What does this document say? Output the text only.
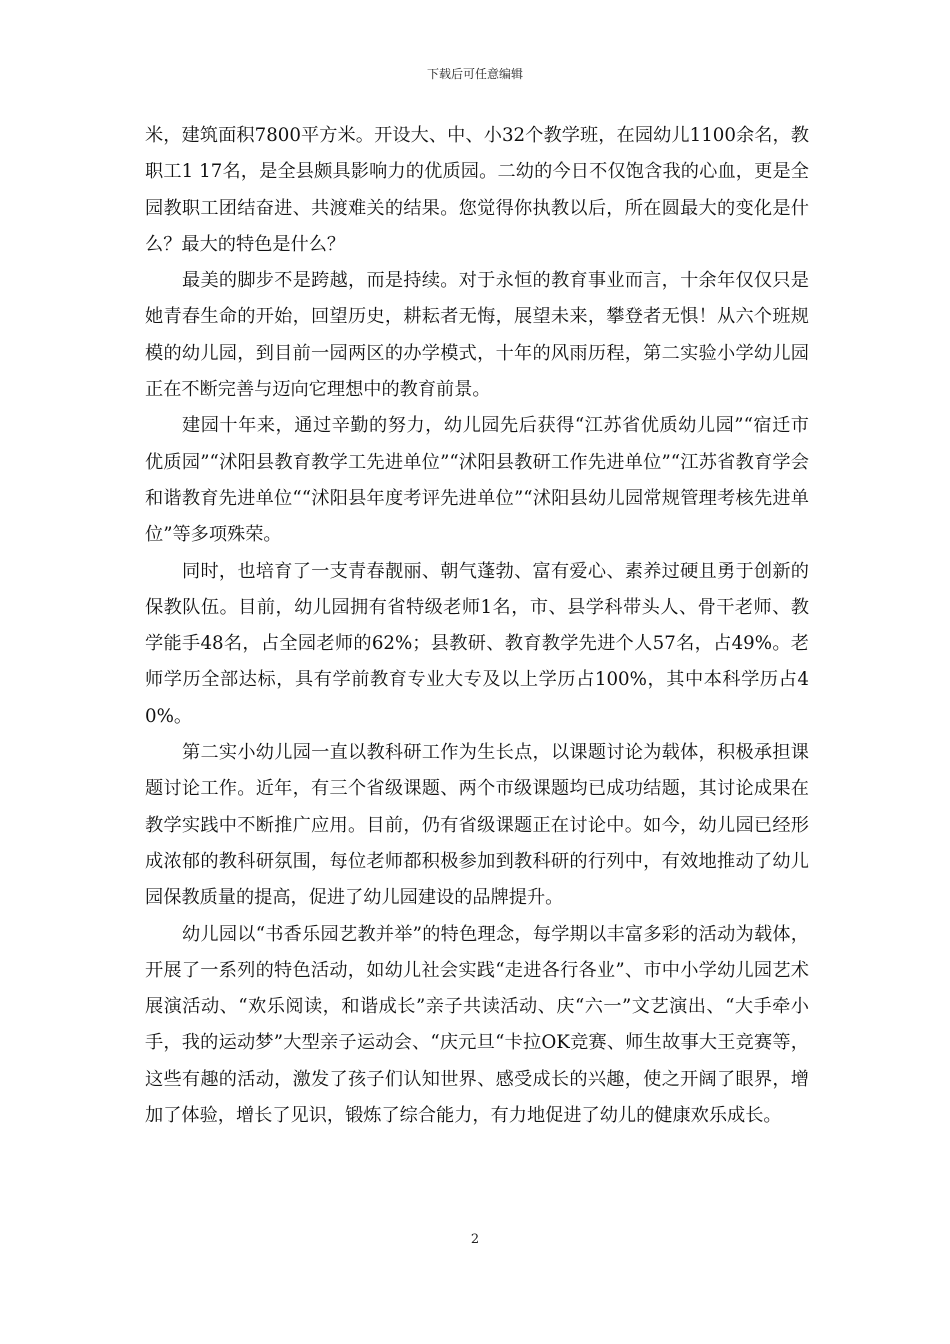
下载后可任意编辑

米，建筑面积7800平方米。开设大、中、小32个教学班，在园幼儿1100余名，教职工1 17名，是全县颇具影响力的优质园。二幼的今日不仅饱含我的心血，更是全园教职工团结奋进、共渡难关的结果。您觉得你执教以后，所在圆最大的变化是什么？最大的特色是什么？

最美的脚步不是跨越，而是持续。对于永恒的教育事业而言，十余年仅仅只是她青春生命的开始，回望历史，耕耘者无悔，展望未来，攀登者无惧！从六个班规模的幼儿园，到目前一园两区的办学模式，十年的风雨历程，第二实验小学幼儿园正在不断完善与迈向它理想中的教育前景。

建园十年来，通过辛勤的努力，幼儿园先后获得“江苏省优质幼儿园”“宿迁市优质园”“沭阳县教育教学工先进单位”“沭阳县教研工作先进单位”“江苏省教育学会和谐教育先进单位““沭阳县年度考评先进单位”“沭阳县幼儿园常规管理考核先进单位”等多项殊荣。

同时，也培育了一支青春靓丽、朝气蓬勃、富有爱心、素养过硬且勇于创新的保教队伍。目前，幼儿园拥有省特级老师1名，市、县学科带头人、骨干老师、教学能手48名，占全园老师的62%；县教研、教育教学先进个人57名，占49%。老师学历全部达标，具有学前教育专业大专及以上学历占100%，其中本科学历占40%。

第二实小幼儿园一直以教科研工作为生长点，以课题讨论为载体，积极承担课题讨论工作。近年，有三个省级课题、两个市级课题均已成功结题，其讨论成果在教学实践中不断推广应用。目前，仍有省级课题正在讨论中。如今，幼儿园已经形成浓郁的教科研氛围，每位老师都积极参加到教科研的行列中，有效地推动了幼儿园保教质量的提高，促进了幼儿园建设的品牌提升。

幼儿园以“书香乐园艺教并举”的特色理念，每学期以丰富多彩的活动为载体，开展了一系列的特色活动，如幼儿社会实践“走进各行各业”、市中小学幼儿园艺术展演活动、“欢乐阅读，和谐成长”亲子共读活动、庆“六一”文艺演出、“大手牵小手，我的运动梦”大型亲子运动会、“庆元旦“卡拉OK竞赛、师生故事大王竞赛等，这些有趣的活动，激发了孩子们认知世界、感受成长的兴趣，使之开阔了眼界，增加了体验，增长了见识，锻炼了综合能力，有力地促进了幼儿的健康欢乐成长。

2
